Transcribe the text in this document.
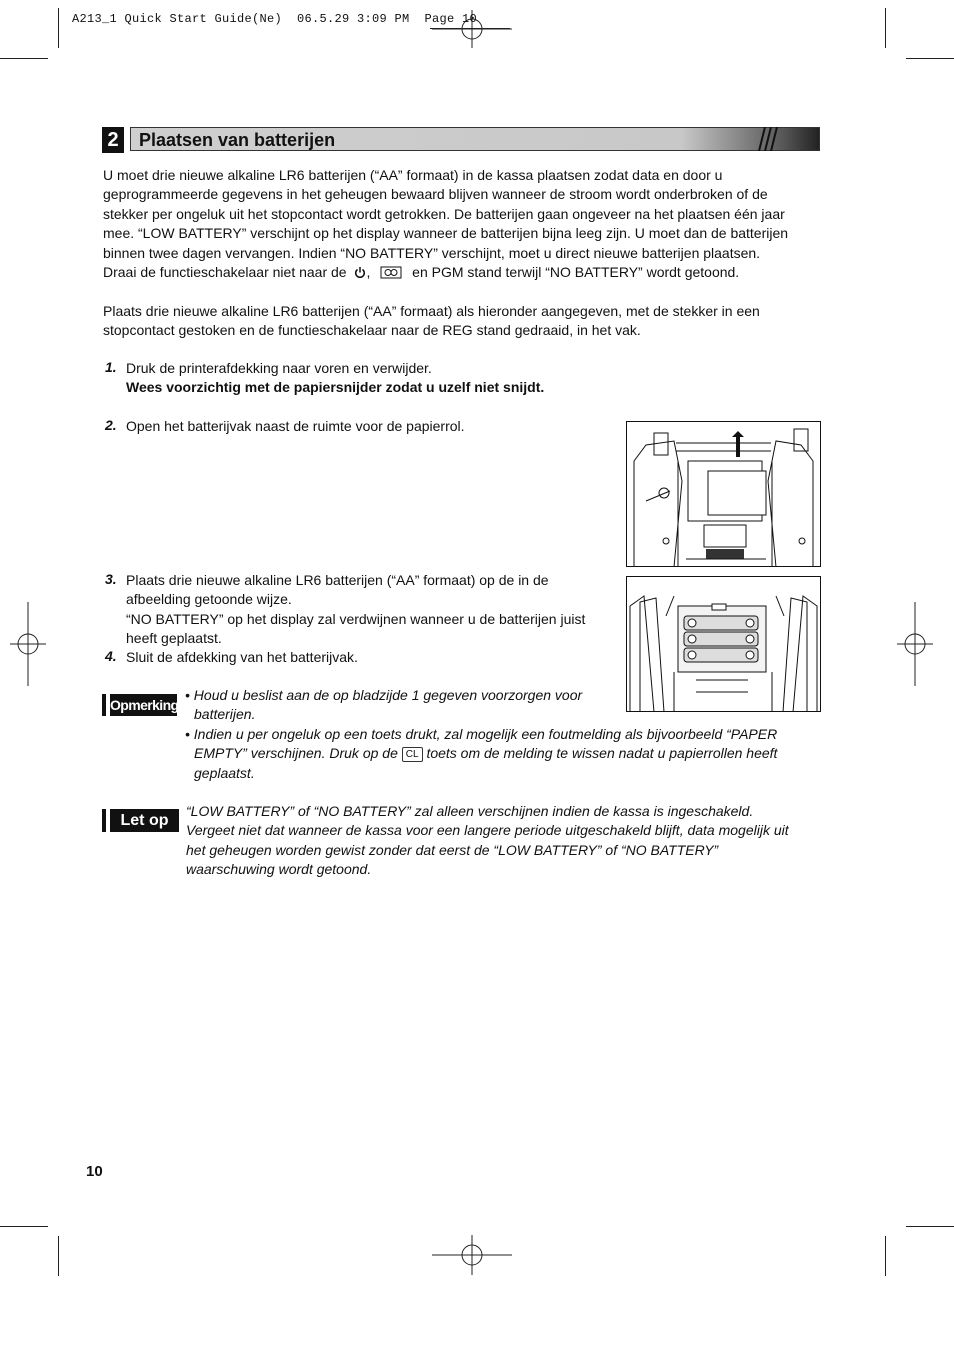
A213_1 Quick Start Guide(Ne)  06.5.29 3:09 PM  Page 10
2	Plaatsen van batterijen
U moet drie nieuwe alkaline LR6 batterijen (“AA” formaat) in de kassa plaatsen zodat data en door u
geprogrammeerde gegevens in het geheugen bewaard blijven wanneer de stroom wordt onderbroken of de
stekker per ongeluk uit het stopcontact wordt getrokken. De batterijen gaan ongeveer na het plaatsen één jaar
mee. “LOW BATTERY” verschijnt op het display wanneer de batterijen bijna leeg zijn. U moet dan de batterijen
binnen twee dagen vervangen. Indien “NO BATTERY” verschijnt, moet u direct nieuwe batterijen plaatsen.
Draai de functieschakelaar niet naar de ,	en PGM stand terwijl “NO BATTERY” wordt getoond.
Plaats drie nieuwe alkaline LR6 batterijen (“AA” formaat) als hieronder aangegeven, met de stekker in een
stopcontact gestoken en de functieschakelaar naar de REG stand gedraaid, in het vak.
1. Druk de printerafdekking naar voren en verwijder.
Wees voorzichtig met de papiersnijder zodat u uzelf niet snijdt.
2. Open het batterijvak naast de ruimte voor de papierrol.
3. Plaats drie nieuwe alkaline LR6 batterijen (“AA” formaat) op de in de
afbeelding getoonde wijze.
“NO BATTERY” op het display zal verdwijnen wanneer u de batterijen juist
heeft geplaatst.
4. Sluit de afdekking van het batterijvak.
Opmerking
• Houd u beslist aan de op bladzijde 1 gegeven voorzorgen voor
batterijen.
• Indien u per ongeluk op een toets drukt, zal mogelijk een foutmelding als bijvoorbeeld “PAPER
EMPTY” verschijnen. Druk op de CL toets om de melding te wissen nadat u papierrollen heeft
geplaatst.
Let op
“LOW BATTERY” of “NO BATTERY” zal alleen verschijnen indien de kassa is ingeschakeld.
Vergeet niet dat wanneer de kassa voor een langere periode uitgeschakeld blijft, data mogelijk uit
het geheugen worden gewist zonder dat eerst de “LOW BATTERY” of “NO BATTERY”
waarschuwing wordt getoond.
10
